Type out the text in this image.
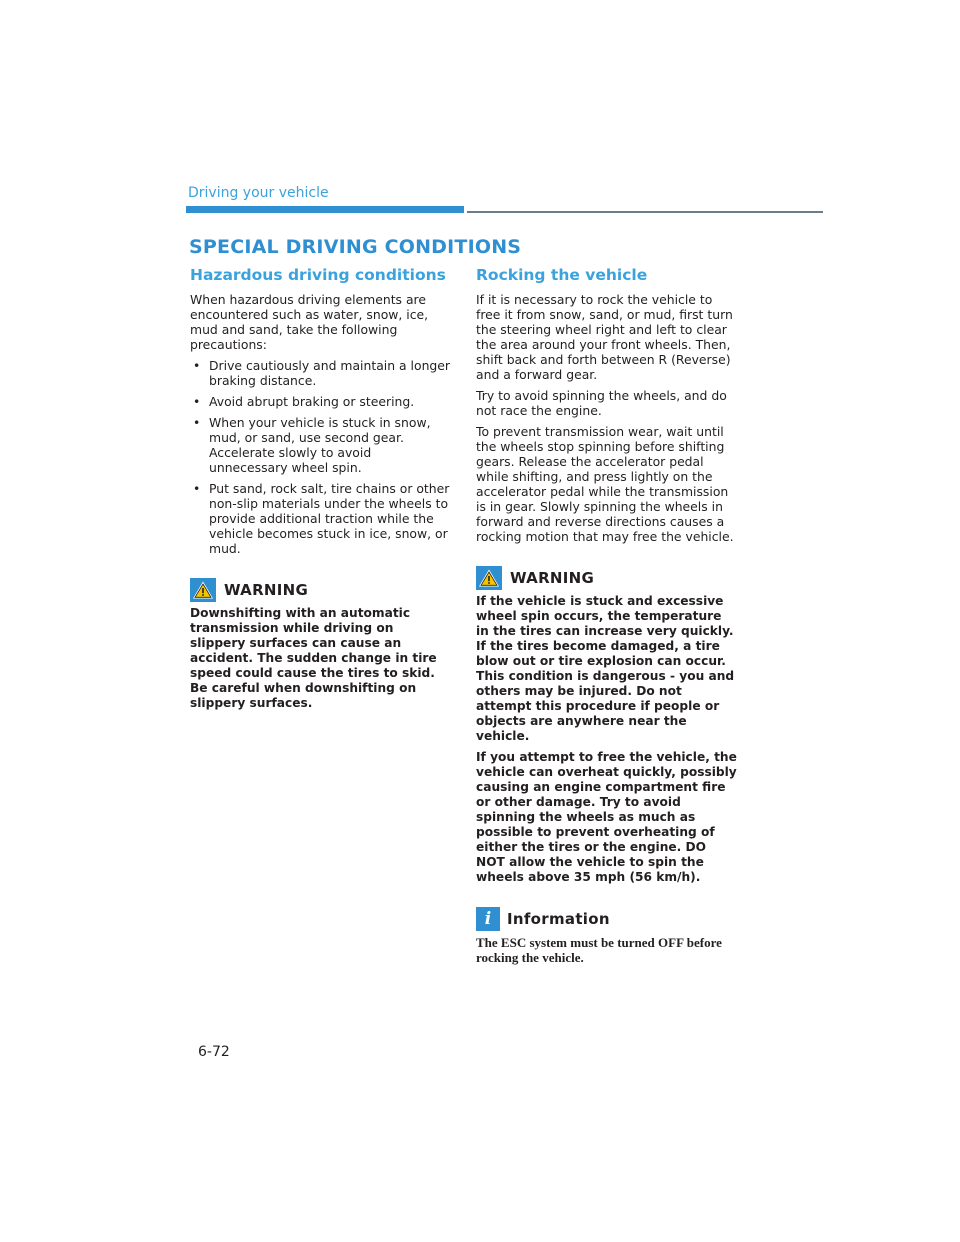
Driving your vehicle
SPECIAL DRIVING CONDITIONS
Hazardous driving conditions

When hazardous driving elements are encountered such as water, snow, ice, mud and sand, take the following precautions:

• Drive cautiously and maintain a longer braking distance.
• Avoid abrupt braking or steering.
• When your vehicle is stuck in snow, mud, or sand, use second gear. Accelerate slowly to avoid unnecessary wheel spin.
• Put sand, rock salt, tire chains or other non-slip materials under the wheels to provide additional traction while the vehicle becomes stuck in ice, snow, or mud.
WARNING

Downshifting with an automatic transmission while driving on slippery surfaces can cause an accident. The sudden change in tire speed could cause the tires to skid. Be careful when downshifting on slippery surfaces.

Rocking the vehicle

If it is necessary to rock the vehicle to free it from snow, sand, or mud, first turn the steering wheel right and left to clear the area around your front wheels. Then, shift back and forth between R (Reverse) and a forward gear.

Try to avoid spinning the wheels, and do not race the engine.

To prevent transmission wear, wait until the wheels stop spinning before shifting gears. Release the accelerator pedal while shifting, and press lightly on the accelerator pedal while the transmission is in gear. Slowly spinning the wheels in forward and reverse directions causes a rocking motion that may free the vehicle.

WARNING

If the vehicle is stuck and excessive wheel spin occurs, the temperature in the tires can increase very quickly. If the tires become damaged, a tire blow out or tire explosion can occur. This condition is dangerous - you and others may be injured. Do not attempt this procedure if people or objects are anywhere near the vehicle.

If you attempt to free the vehicle, the vehicle can overheat quickly, possibly causing an engine compartment fire or other damage. Try to avoid spinning the wheels as much as possible to prevent overheating of either the tires or the engine. DO NOT allow the vehicle to spin the wheels above 35 mph (56 km/h).

i	Information

The ESC system must be turned OFF before rocking the vehicle.

6-72
